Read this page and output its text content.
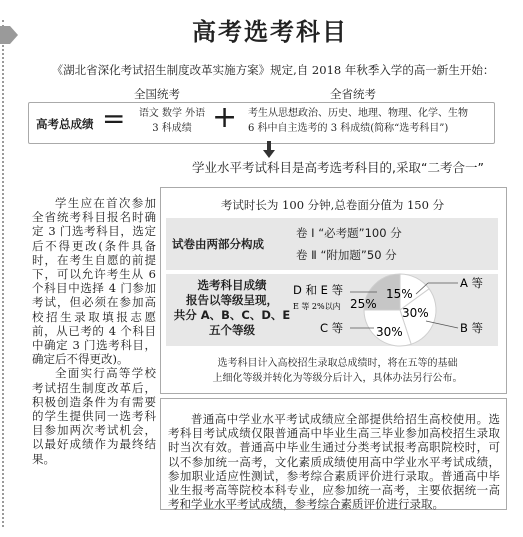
高考选考科目
《湖北省深化考试招生制度改革实施方案》规定,自 2018 年秋季入学的高一新生开始：
全国统考	全省统考
高考总成绩 =	语文 数学 外语
3 科成绩 + 考生从思想政治、历史、地理、物理、化学、生物
6 科中自主选考的 3 科成绩(简称“选考科目”)
学业水平考试科目是高考选考科目的,采取“二考合一”

学生应在首次参加全省统考科目报名时确定 3 门选考科目，选定后不得更改(条件具备时，在考生自愿的前提下，可以允许考生从 6 个科目中选择 4 门参加考试，但必须在参加高校招生录取填报志愿前，从已考的 4 个科目中确定 3 门选考科目，确定后不得更改)。

全面实行高等学校考试招生制度改革后，积极创造条件为有需要的学生提供同一选考科目参加两次考试机会，以最好成绩作为最终结果。

考试时长为 100 分钟,总卷面分值为 150 分
试卷由两部分构成
卷 Ⅰ “必考题”100 分
卷 Ⅱ “附加题”50 分
选考科目成绩
报告以等级呈现，
共分 A、B、C、D、E
五个等级
15%
30%
30%
25%
D 和 E 等
E 等 2%以内
A 等
B 等
C 等
选考科目计入高校招生录取总成绩时，将在五等的基础
上细化等级并转化为等级分后计入，具体办法另行公布。

普通高中学业水平考试成绩应全部提供给招生高校使用。选考科目考试成绩仅限普通高中毕业生高三毕业参加高校招生录取时当次有效。普通高中毕业生通过分类考试报考高职院校时，可以不参加统一高考，文化素质成绩使用高中学业水平考试成绩，参加职业适应性测试，参考综合素质评价进行录取。普通高中毕业生报考高等院校本科专业，应参加统一高考，主要依据统一高考和学业水平考试成绩，参考综合素质评价进行录取。
